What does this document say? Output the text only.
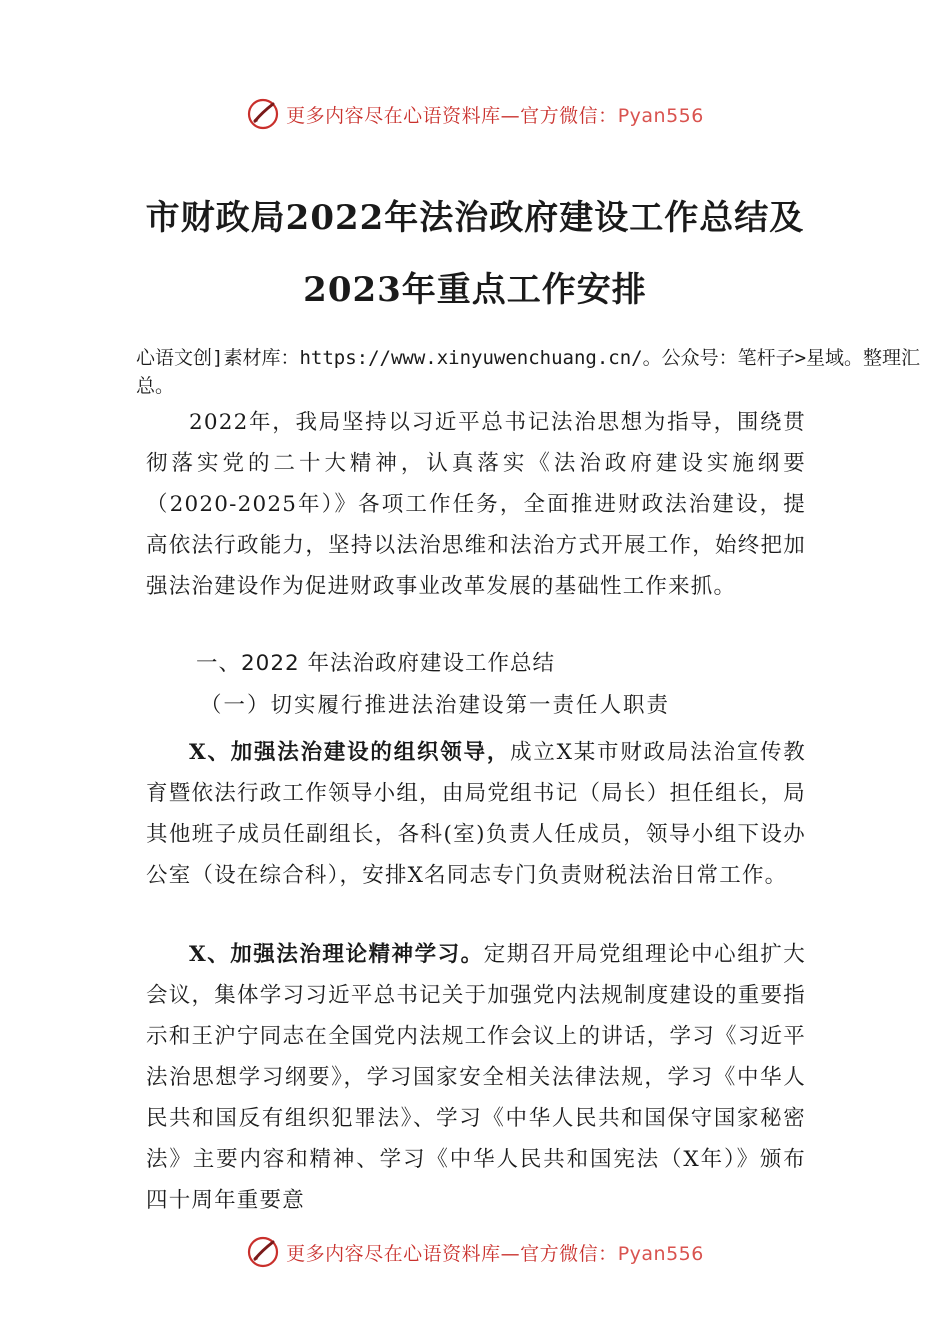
更多内容尽在心语资料库—官方微信：Pyan556
市财政局2022年法治政府建设工作总结及
2023年重点工作安排
心语文创]素材库：https://www.xinyuwenchuang.cn/。公众号：笔杆子>星域。整理汇总。

2022年，我局坚持以习近平总书记法治思想为指导，围绕贯彻落实党的二十大精神，认真落实《法治政府建设实施纲要（2020-2025年）》各项工作任务，全面推进财政法治建设，提高依法行政能力，坚持以法治思维和法治方式开展工作，始终把加强法治建设作为促进财政事业改革发展的基础性工作来抓。

一、2022 年法治政府建设工作总结

（一）切实履行推进法治建设第一责任人职责

X、加强法治建设的组织领导，成立X某市财政局法治宣传教育暨依法行政工作领导小组，由局党组书记（局长）担任组长，局其他班子成员任副组长，各科(室)负责人任成员，领导小组下设办公室（设在综合科），安排X名同志专门负责财税法治日常工作。

X、加强法治理论精神学习。定期召开局党组理论中心组扩大会议，集体学习习近平总书记关于加强党内法规制度建设的重要指示和王沪宁同志在全国党内法规工作会议上的讲话，学习《习近平法治思想学习纲要》，学习国家安全相关法律法规，学习《中华人民共和国反有组织犯罪法》、学习《中华人民共和国保守国家秘密法》主要内容和精神、学习《中华人民共和国宪法（X年）》颁布四十周年重要意

更多内容尽在心语资料库—官方微信：Pyan556
